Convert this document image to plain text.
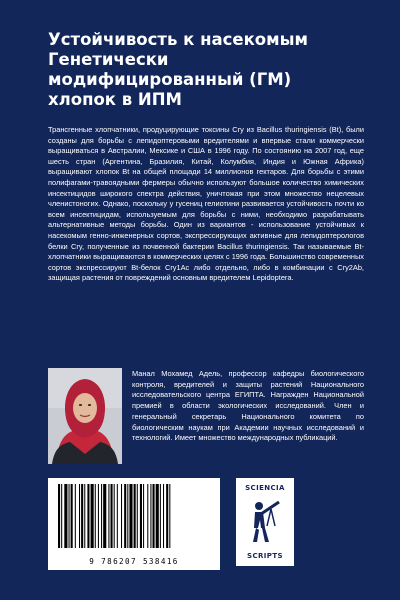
Устойчивость к насекомым
Генетически
модифицированный (ГМ)
хлопок в ИПМ

Трансгенные хлопчатники, продуцирующие токсины Cry из Bacillus thuringiensis (Bt), были созданы для борьбы с лепидоптеровыми вредителями и впервые стали коммерчески выращиваться в Австралии, Мексике и США в 1996 году. По состоянию на 2007 год, еще шесть стран (Аргентина, Бразилия, Китай, Колумбия, Индия и Южная Африка) выращивают хлопок Bt на общей площади 14 миллионов гектаров. Для борьбы с этими полифагами-травоядными фермеры обычно используют большое количество химических инсектицидов широкого спектра действия, уничтожая при этом множество нецелевых членистоногих. Однако, поскольку у гусениц гелиотини развивается устойчивость почти ко всем инсектицидам, используемым для борьбы с ними, необходимо разрабатывать альтернативные методы борьбы. Один из вариантов - использование устойчивых к насекомым генно-инженерных сортов, экспрессирующих активные для лепидоптерологов белки Cry, полученные из почвенной бактерии Bacillus thuringiensis. Так называемые Bt-хлопчатники выращиваются в коммерческих целях с 1996 года. Большинство современных сортов экспрессируют Bt-белок Cry1Ac либо отдельно, либо в комбинации с Cry2Ab, защищая растения от повреждений основным вредителем Lepidoptera.

Манал Мохамед Адель, профессор кафедры биологического контроля, вредителей и защиты растений Национального исследовательского центра ЕГИПТА. Награжден Национальной премией в области экологических исследований. Член и генеральный секретарь Национального комитета по биологическим наукам при Академии научных исследований и технологий. Имеет множество международных публикаций.

9 786207 538416
SCIENCIA
SCRIPTS
